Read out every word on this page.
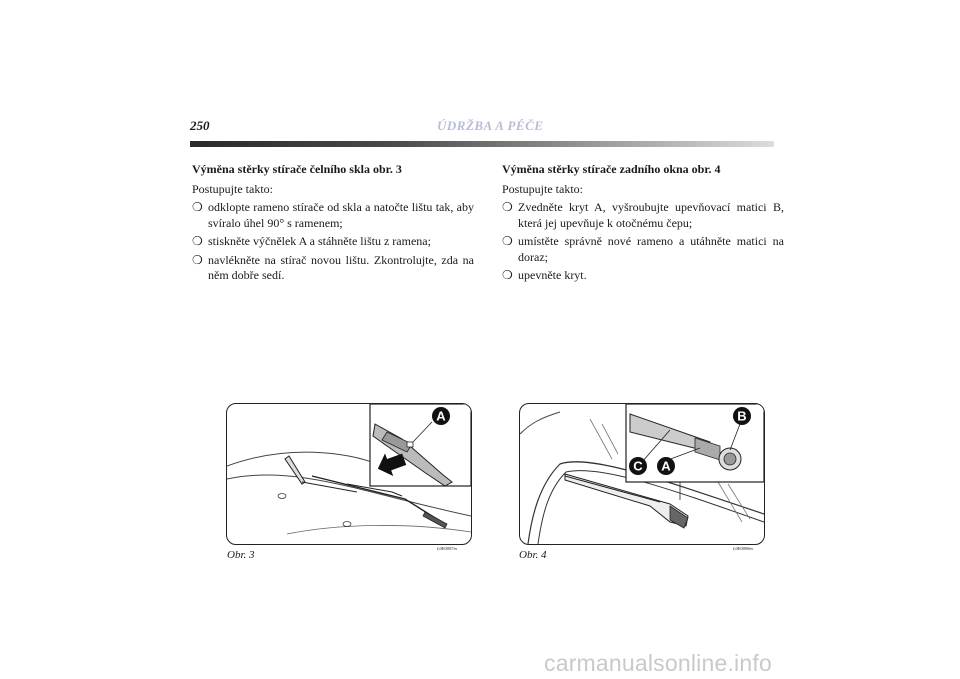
250	ÚDRŽBA A PÉČE
Výměna stěrky stírače čelního skla obr. 3

Postupujte takto:

❍ odklopte rameno stírače od skla a natočte lištu tak, aby svíralo úhel 90° s ramenem;
❍ stiskněte výčnělek A a stáhněte lištu z ramena;
❍ navlékněte na stírač novou lištu. Zkontrolujte, zda na něm dobře sedí.
Výměna stěrky stírače zadního okna obr. 4

Postupujte takto:

❍ Zvedněte kryt A, vyšroubujte upevňovací matici B, která jej upevňuje k otočnému čepu;
❍ umístěte správně nové rameno a utáhněte matici na doraz;
❍ upevněte kryt.
A
Obr. 3
L0E0097m
B
C A
Obr. 4
L0E0098m
carmanualsonline.info
